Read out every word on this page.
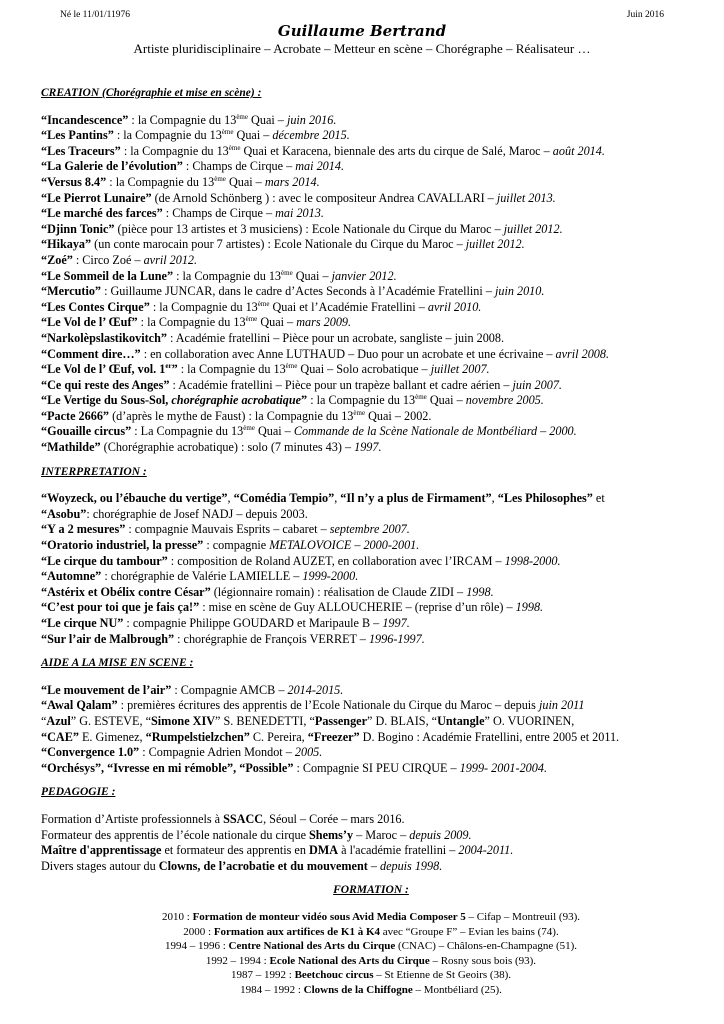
Né le 11/01/11976	Juin 2016
Guillaume Bertrand
Artiste pluridisciplinaire – Acrobate – Metteur en scène – Chorégraphe – Réalisateur …
CREATION (Chorégraphie et mise en scène) :
“Incandescence” : la Compagnie du 13ème Quai – juin 2016.
“Les Pantins” : la Compagnie du 13ème Quai – décembre 2015.
“Les Traceurs” : la Compagnie du 13ème Quai et Karacena, biennale des arts du cirque de Salé, Maroc – août 2014.
“La Galerie de l’évolution” : Champs de Cirque – mai 2014.
“Versus 8.4” : la Compagnie du 13ème Quai – mars 2014.
“Le Pierrot Lunaire” (de Arnold Schönberg ) : avec le compositeur Andrea CAVALLARI – juillet 2013.
“Le marché des farces” : Champs de Cirque – mai 2013.
“Djinn Tonic” (pièce pour 13 artistes et 3 musiciens) : Ecole Nationale du Cirque du Maroc – juillet 2012.
“Hikaya” (un conte marocain pour 7 artistes) : Ecole Nationale du Cirque du Maroc – juillet 2012.
“Zoé” : Circo Zoé – avril 2012.
“Le Sommeil de la Lune” : la Compagnie du 13ème Quai – janvier 2012.
“Mercutio” : Guillaume JUNCAR, dans le cadre d’Actes Seconds à l’Académie Fratellini – juin 2010.
“Les Contes Cirque” : la Compagnie du 13ème Quai et l’Académie Fratellini – avril 2010.
“Le Vol de l’ Œuf” : la Compagnie du 13ème Quai – mars 2009.
“Narkolèpslastikovitch” : Académie fratellini – Pièce pour un acrobate, sangliste – juin 2008.
“Comment dire…” : en collaboration avec Anne LUTHAUD – Duo pour un acrobate et une écrivaine – avril 2008.
“Le Vol de l’ Œuf, vol. 1er” : la Compagnie du 13ème Quai – Solo acrobatique – juillet 2007.
“Ce qui reste des Anges” : Académie fratellini – Pièce pour un trapèze ballant et cadre aérien – juin 2007.
“Le Vertige du Sous-Sol, chorégraphie acrobatique” : la Compagnie du 13ème Quai – novembre 2005.
“Pacte 2666” (d’après le mythe de Faust) : la Compagnie du 13ème Quai – 2002.
“Gouaille circus” : La Compagnie du 13ème Quai – Commande de la Scène Nationale de Montbéliard – 2000.
“Mathilde” (Chorégraphie acrobatique) : solo (7 minutes 43) – 1997.
INTERPRETATION :
“Woyzeck, ou l’ébauche du vertige”, “Comédia Tempio”, “Il n’y a plus de Firmament”, “Les Philosophes” et
“Asobu”: chorégraphie de Josef NADJ – depuis 2003.
“Y a 2 mesures” : compagnie Mauvais Esprits – cabaret – septembre 2007.
“Oratorio industriel, la presse” : compagnie METALOVOICE – 2000-2001.
“Le cirque du tambour” : composition de Roland AUZET, en collaboration avec l’IRCAM – 1998-2000.
“Automne” : chorégraphie de Valérie LAMIELLE – 1999-2000.
“Astérix et Obélix contre César” (légionnaire romain) : réalisation de Claude ZIDI – 1998.
“C’est pour toi que je fais ça!” : mise en scène de Guy ALLOUCHERIE – (reprise d’un rôle) – 1998.
“Le cirque NU” : compagnie Philippe GOUDARD et Maripaule B – 1997.
“Sur l’air de Malbrough” : chorégraphie de François VERRET – 1996-1997.
AIDE A LA MISE EN SCENE :
“Le mouvement de l’air” : Compagnie AMCB – 2014-2015.
“Awal Qalam” : premières écritures des apprentis de l’Ecole Nationale du Cirque du Maroc – depuis juin 2011
“Azul” G. ESTEVE, “Simone XIV” S. BENEDETTI, “Passenger” D. BLAIS, “Untangle” O. VUORINEN,
“CAE” E. Gimenez, “Rumpelstielzchen” C. Pereira, “Freezer” D. Bogino : Académie Fratellini, entre 2005 et 2011.
“Convergence 1.0” : Compagnie Adrien Mondot – 2005.
“Orchésys”, “Ivresse en mi rémoble”, “Possible” : Compagnie SI PEU CIRQUE – 1999- 2001-2004.
PEDAGOGIE :
Formation d’Artiste professionnels à SSACC, Séoul – Corée – mars 2016.
Formateur des apprentis de l’école nationale du cirque Shems’y – Maroc – depuis 2009.
Maître d'apprentissage et formateur des apprentis en DMA à l'académie fratellini – 2004-2011.
Divers stages autour du Clowns, de l’acrobatie et du mouvement – depuis 1998.
FORMATION :
2010 : Formation de monteur vidéo sous Avid Media Composer 5 – Cifap – Montreuil (93).
2000 : Formation aux artifices de K1 à K4 avec “Groupe F” – Evian les bains (74).
1994 – 1996 : Centre National des Arts du Cirque (CNAC) – Châlons-en-Champagne (51).
1992 – 1994 : Ecole National des Arts du Cirque – Rosny sous bois (93).
1987 – 1992 : Beetchouc circus – St Etienne de St Geoirs (38).
1984 – 1992 : Clowns de la Chiffogne – Montbéliard (25).
